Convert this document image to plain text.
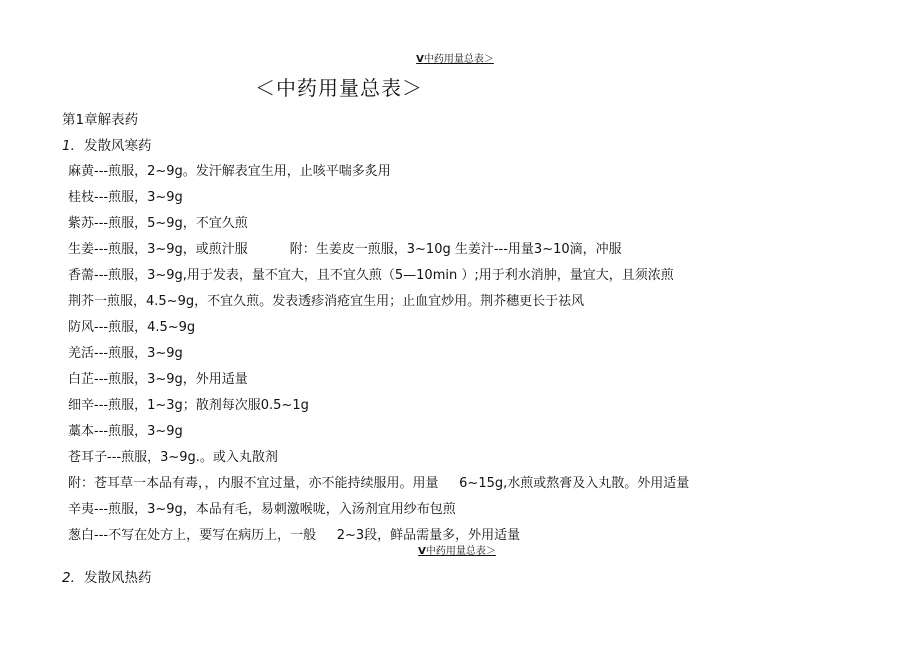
V中药用量总表＞
＜中药用量总表＞
第1章解表药
1. 发散风寒药
麻黄---煎服，2~9g。发汗解表宜生用，止咳平喘多炙用
桂枝---煎服，3~9g
紫苏---煎服，5~9g，不宜久煎
生姜---煎服，3~9g，或煎汁服	附：生姜皮一煎服，3~10g 生姜汁---用量3~10滴，冲服
香薷---煎服，3~9g,用于发表，量不宜大，且不宜久煎（5—10min ）;用于利水消肿，量宜大，且须浓煎
荆芥一煎服，4.5~9g，不宜久煎。发表透疹消疮宜生用；止血宜炒用。荆芥穗更长于祛风
防风---煎服，4.5~9g
羌活---煎服，3~9g
白芷---煎服，3~9g，外用适量
细辛---煎服，1~3g；散剂每次服0.5~1g
藁本---煎服，3~9g
苍耳子---煎服，3~9g.。或入丸散剂
附：苍耳草一本品有毒，，内服不宜过量，亦不能持续服用。用量     6~15g,水煎或熬膏及入丸散。外用适量
辛夷---煎服，3~9g，本品有毛，易刺激喉咙，入汤剂宜用纱布包煎
葱白---不写在处方上，要写在病历上，一般     2~3段，鲜品需量多，外用适量
V中药用量总表＞
2. 发散风热药
